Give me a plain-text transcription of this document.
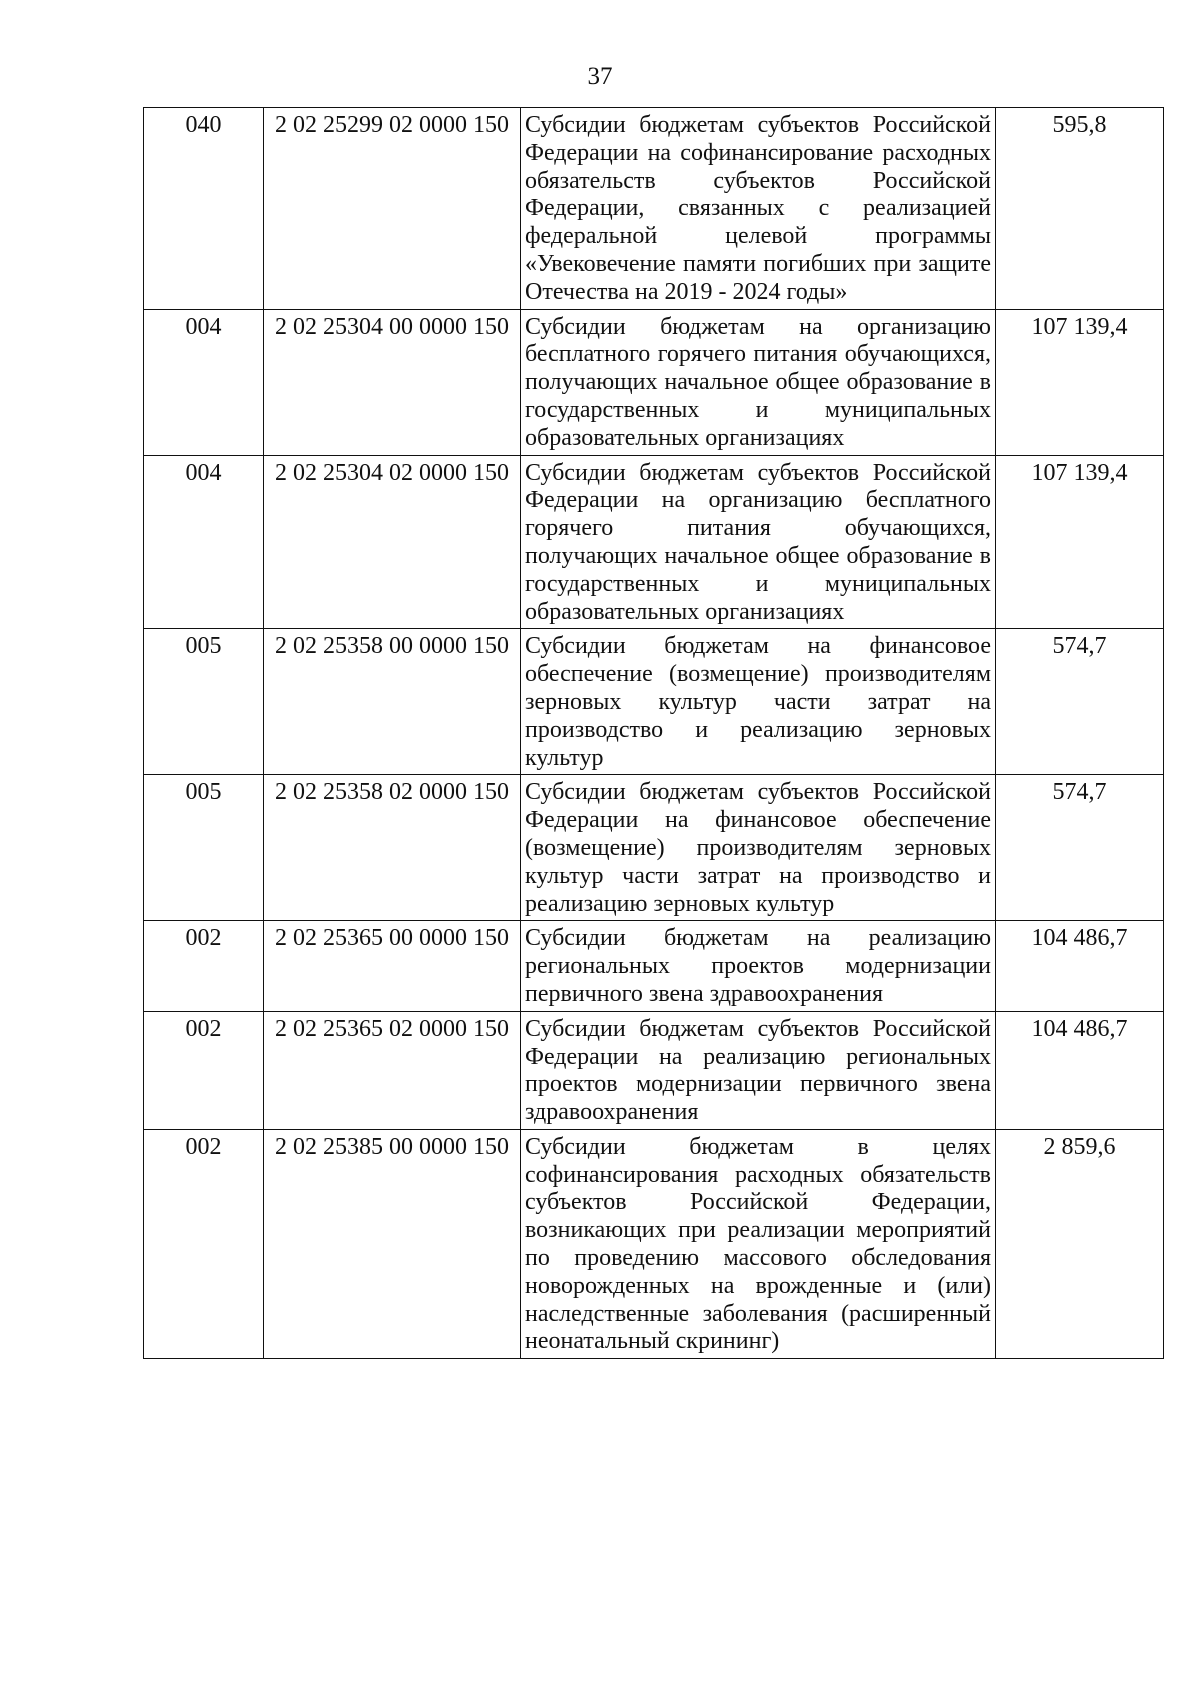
37
040	2 02 25299 02 0000 150	Субсидии бюджетам субъектов Российской Федерации на софинансирование расходных обязательств субъектов Российской Федерации, связанных с реализацией федеральной целевой программы «Увековечение памяти погибших при защите Отечества на 2019 - 2024 годы»	595,8
004	2 02 25304 00 0000 150	Субсидии бюджетам на организацию бесплатного горячего питания обучающихся, получающих начальное общее образование в государственных и муниципальных образовательных организациях	107 139,4
004	2 02 25304 02 0000 150	Субсидии бюджетам субъектов Российской Федерации на организацию бесплатного горячего питания обучающихся, получающих начальное общее образование в государственных и муниципальных образовательных организациях	107 139,4
005	2 02 25358 00 0000 150	Субсидии бюджетам на финансовое обеспечение (возмещение) производителям зерновых культур части затрат на производство и реализацию зерновых культур	574,7
005	2 02 25358 02 0000 150	Субсидии бюджетам субъектов Российской Федерации на финансовое обеспечение (возмещение) производителям зерновых культур части затрат на производство и реализацию зерновых культур	574,7
002	2 02 25365 00 0000 150	Субсидии бюджетам на реализацию региональных проектов модернизации первичного звена здравоохранения	104 486,7
002	2 02 25365 02 0000 150	Субсидии бюджетам субъектов Российской Федерации на реализацию региональных проектов модернизации первичного звена здравоохранения	104 486,7
002	2 02 25385 00 0000 150	Субсидии бюджетам в целях софинансирования расходных обязательств субъектов Российской Федерации, возникающих при реализации мероприятий по проведению массового обследования новорожденных на врожденные и (или) наследственные заболевания (расширенный неонатальный скрининг)	2 859,6
